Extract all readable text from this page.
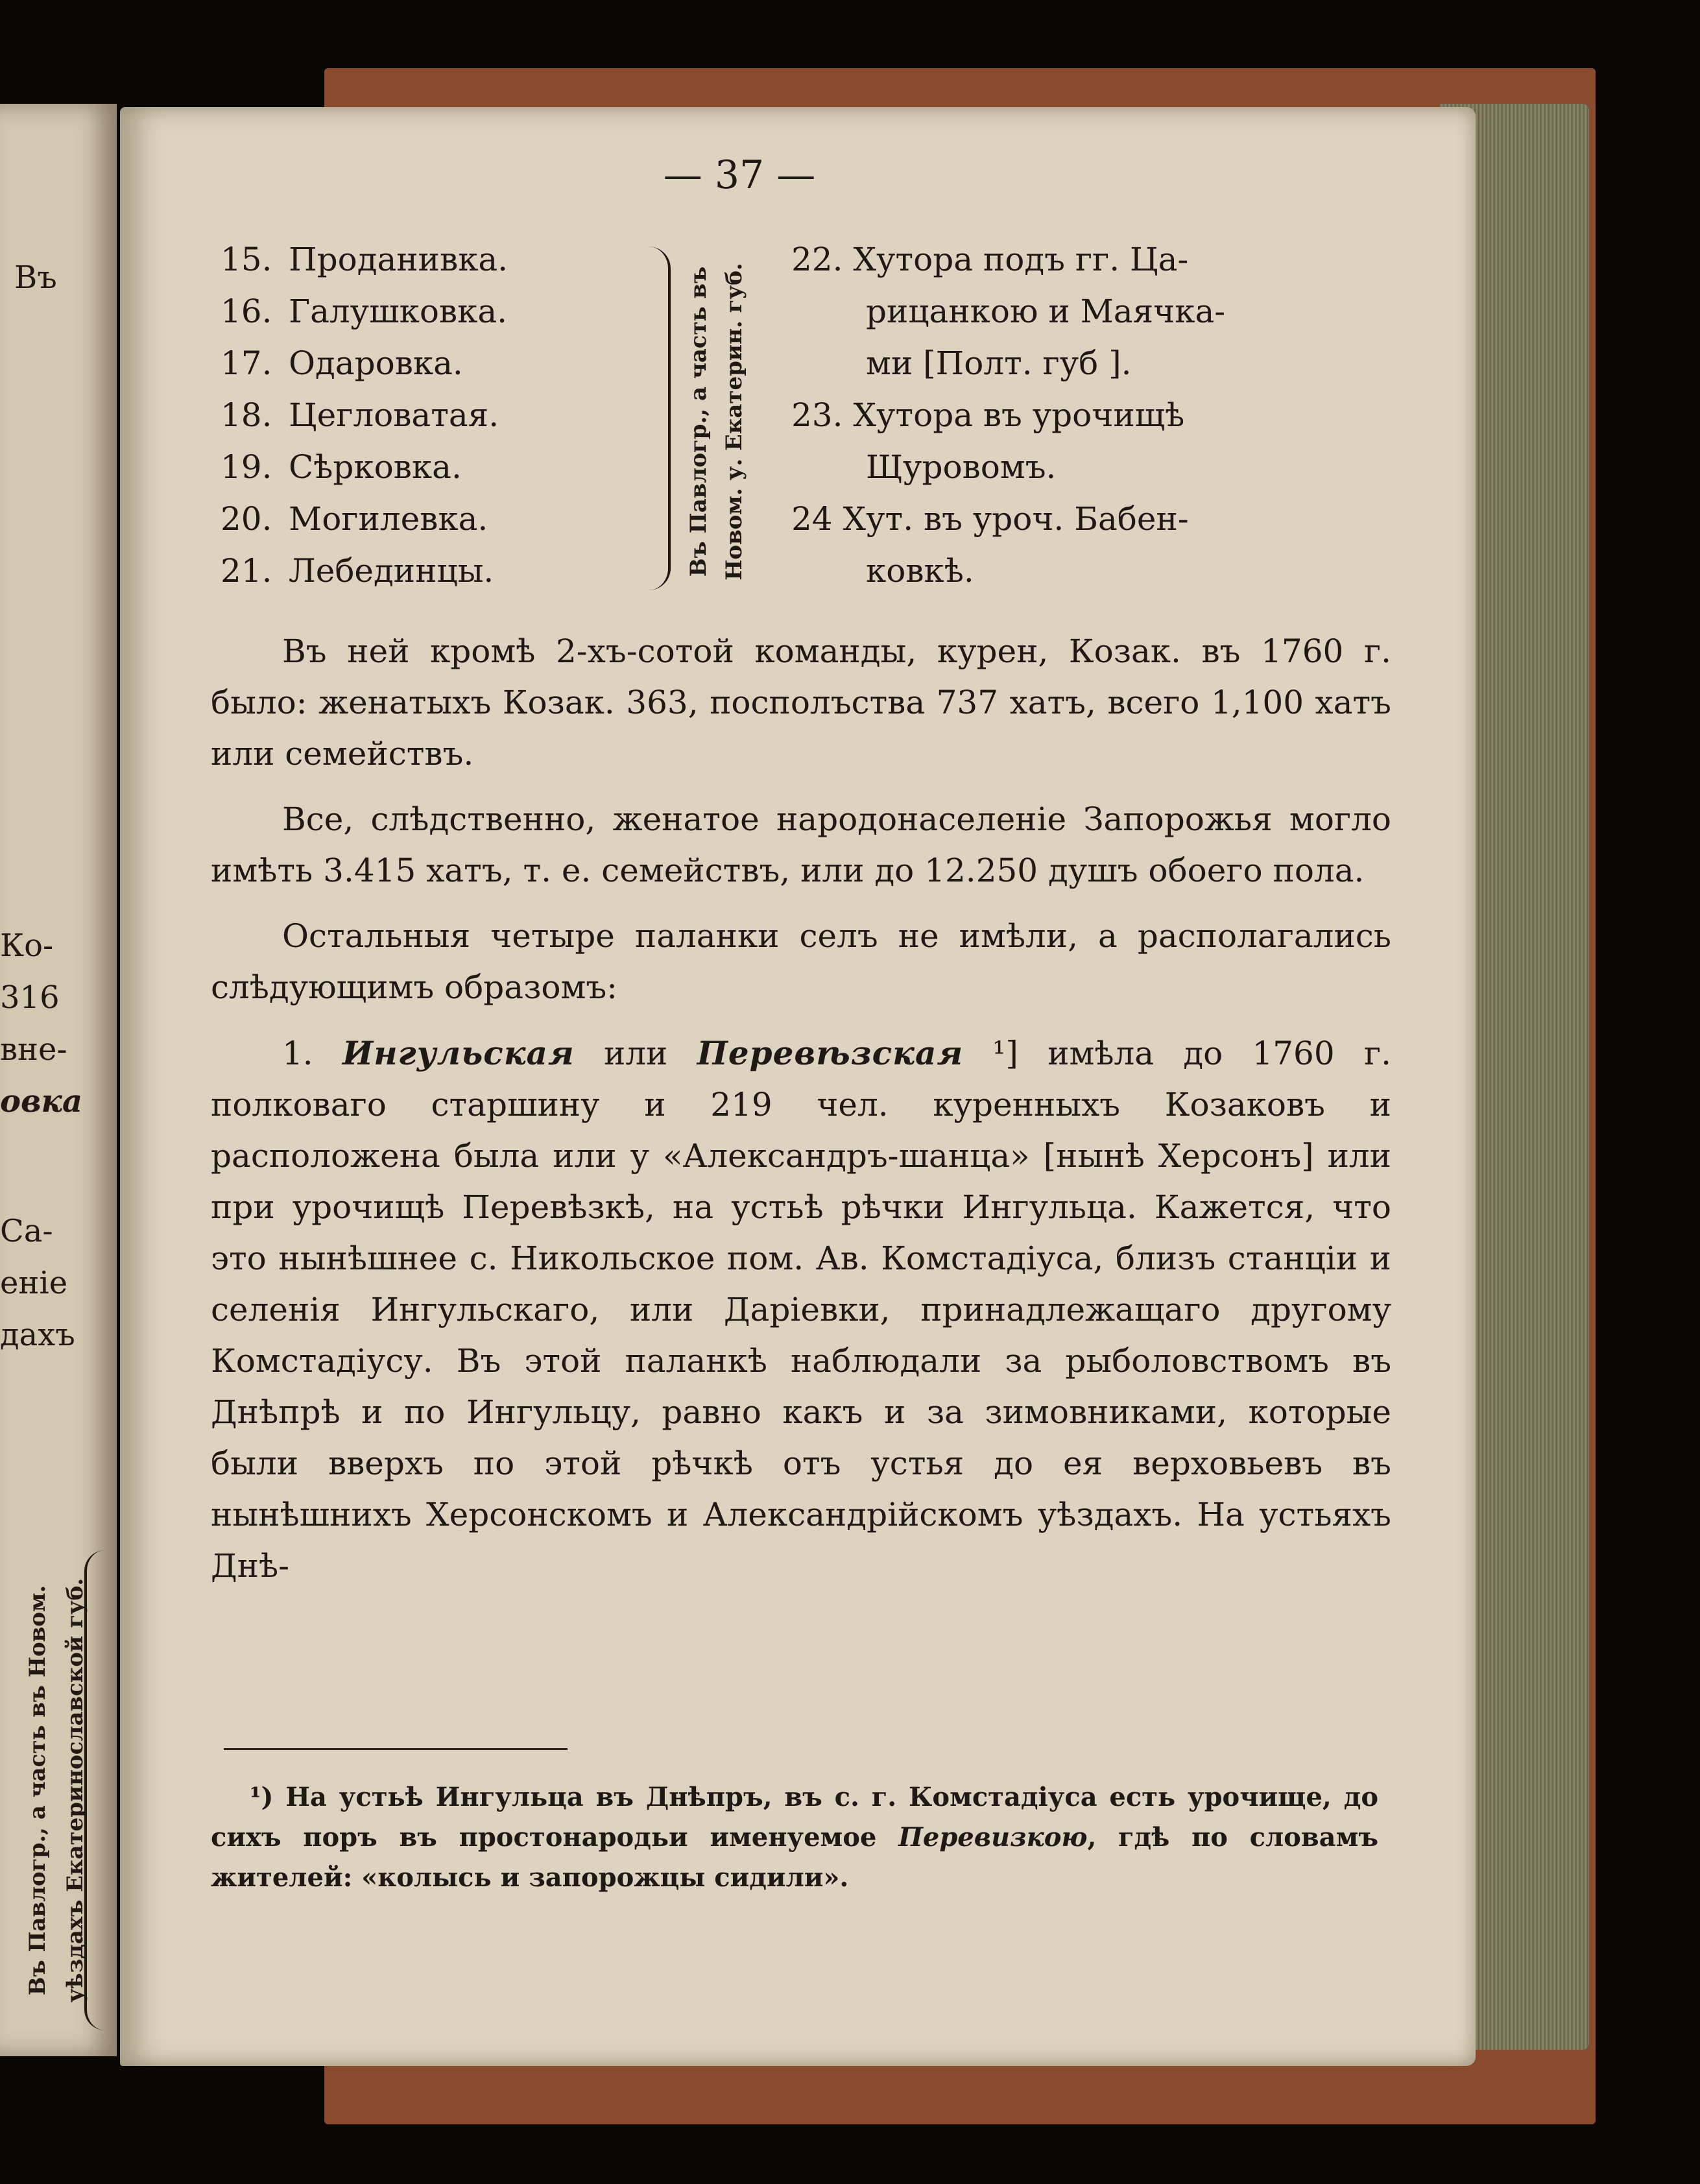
Въ
Ко-
316
вне-
овка
Са-
еніе
дахъ
Въ Павлогр., а часть въ Новом. уѣздахъ Екатеринославской губ.
— 37 —
15. Проданивка.
16. Галушковка.
17. Одаровка.
18. Цегловатая.
19. Сѣрковка.
20. Могилевка.
21. Лебединцы.	Въ Павлогр., а часть въ Новом. у. Екатерин. губ.
22. Хутора подъ гг. Ца-
рицанкою и Маячка-
ми [Полт. губ ].
23. Хутора въ урочищѣ
Щуровомъ.
24 Хут. въ уроч. Бабен-
ковкѣ.

Въ ней кромѣ 2-хъ-сотой команды, курен, Козак. въ 1760 г. было: женатыхъ Козак. 363, посполъства 737 хатъ, всего 1,100 хатъ или семействъ.

Все, слѣдственно, женатое народонаселеніе Запорожья могло имѣть 3.415 хатъ, т. е. семействъ, или до 12.250 душъ обоего пола.

Остальныя четыре паланки селъ не имѣли, а располагались слѣдующимъ образомъ:

1. Ингульская или Перевѣзская ¹] имѣла до 1760 г. полковаго старшину и 219 чел. куренныхъ Козаковъ и расположена была или у «Александръ-шанца» [нынѣ Херсонъ] или при урочищѣ Перевѣзкѣ, на устьѣ рѣчки Ингульца. Кажется, что это нынѣшнее с. Никольское пом. Ав. Комстадіуса, близъ станціи и селенія Ингульскаго, или Даріевки, принадлежащаго другому Комстадіусу. Въ этой паланкѣ наблюдали за рыболовствомъ въ Днѣпрѣ и по Ингульцу, равно какъ и за зимовниками, которые были вверхъ по этой рѣчкѣ отъ устья до ея верховьевъ въ нынѣшнихъ Херсонскомъ и Александрійскомъ уѣздахъ. На устьяхъ Днѣ-

¹) На устьѣ Ингульца въ Днѣпръ, въ с. г. Комстадіуса есть урочище, до сихъ поръ въ простонародьи именуемое Перевизкою, гдѣ по словамъ жителей: «колысь и запорожцы сидили».
